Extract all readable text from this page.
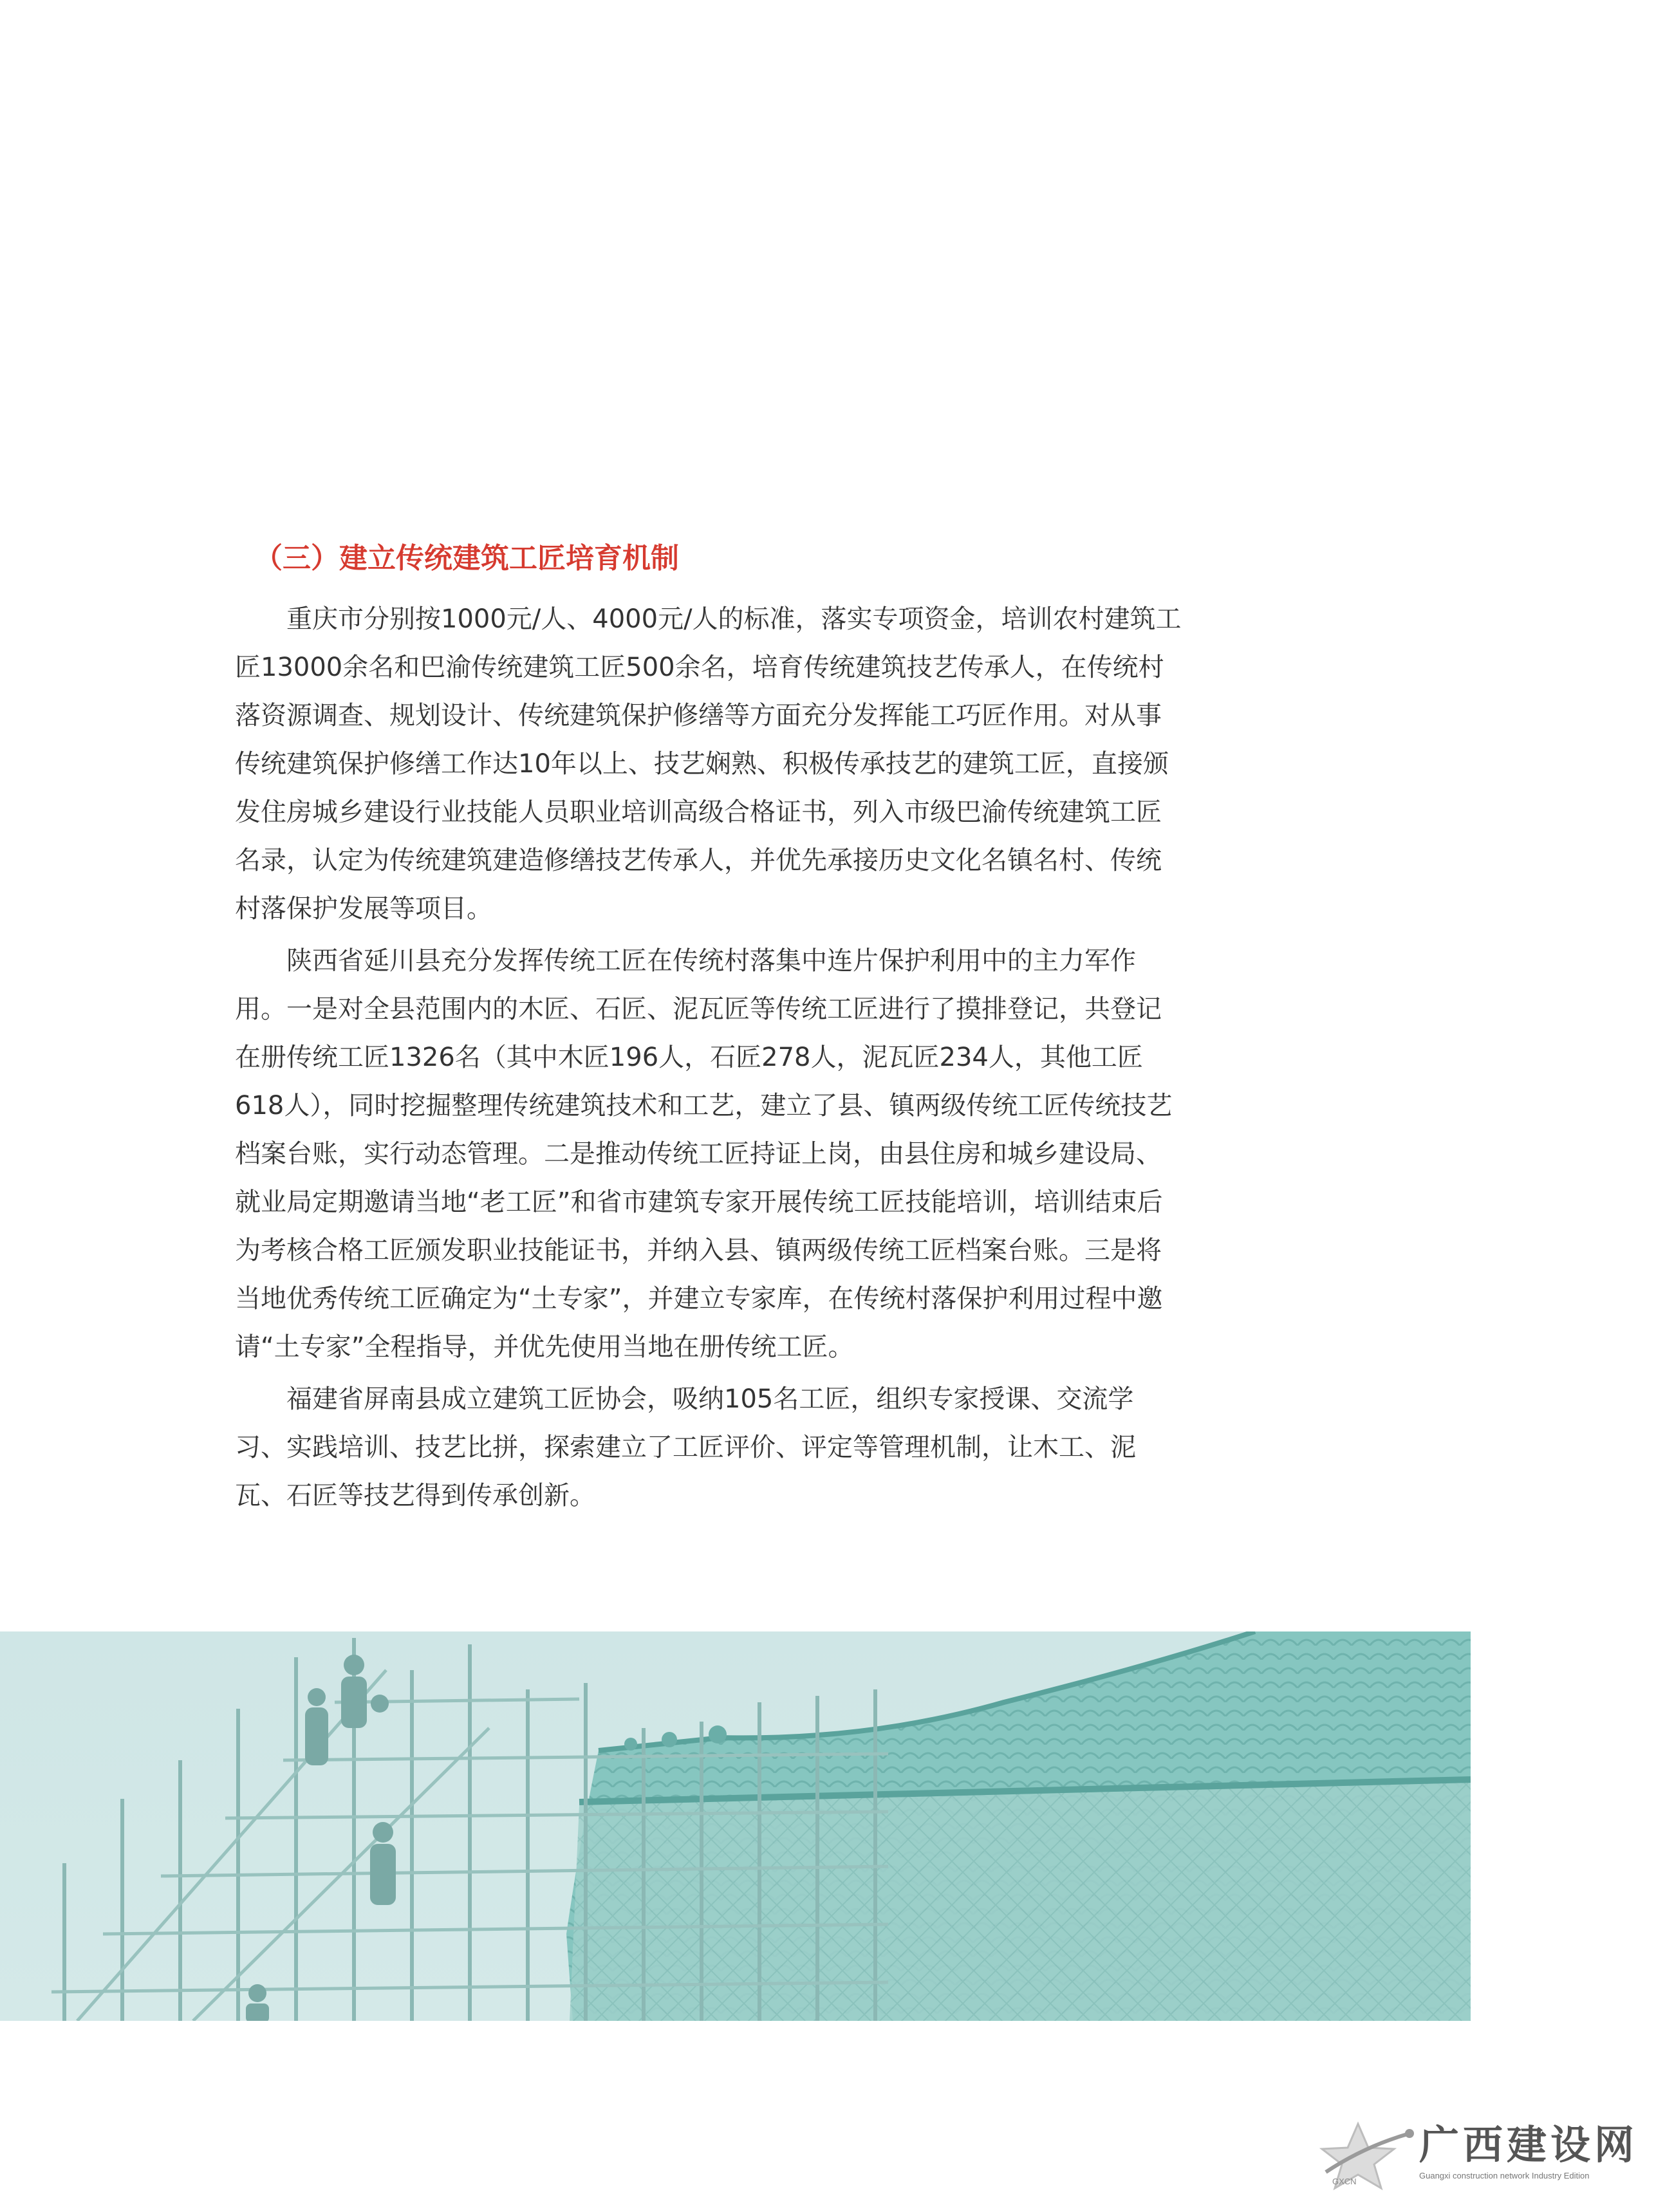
（三）建立传统建筑工匠培育机制

重庆市分别按1000元/人、4000元/人的标准，落实专项资金，培训农村建筑工匠13000余名和巴渝传统建筑工匠500余名，培育传统建筑技艺传承人，在传统村落资源调查、规划设计、传统建筑保护修缮等方面充分发挥能工巧匠作用。对从事传统建筑保护修缮工作达10年以上、技艺娴熟、积极传承技艺的建筑工匠，直接颁发住房城乡建设行业技能人员职业培训高级合格证书，列入市级巴渝传统建筑工匠名录，认定为传统建筑建造修缮技艺传承人，并优先承接历史文化名镇名村、传统村落保护发展等项目。

陕西省延川县充分发挥传统工匠在传统村落集中连片保护利用中的主力军作用。一是对全县范围内的木匠、石匠、泥瓦匠等传统工匠进行了摸排登记，共登记在册传统工匠1326名（其中木匠196人，石匠278人，泥瓦匠234人，其他工匠618人），同时挖掘整理传统建筑技术和工艺，建立了县、镇两级传统工匠传统技艺档案台账，实行动态管理。二是推动传统工匠持证上岗，由县住房和城乡建设局、就业局定期邀请当地“老工匠”和省市建筑专家开展传统工匠技能培训，培训结束后为考核合格工匠颁发职业技能证书，并纳入县、镇两级传统工匠档案台账。三是将当地优秀传统工匠确定为“土专家”，并建立专家库，在传统村落保护利用过程中邀请“土专家”全程指导，并优先使用当地在册传统工匠。

福建省屏南县成立建筑工匠协会，吸纳105名工匠，组织专家授课、交流学习、实践培训、技艺比拼，探索建立了工匠评价、评定等管理机制，让木工、泥瓦、石匠等技艺得到传承创新。

广西建设网
Guangxi construction network Industry Edition
GXCN
